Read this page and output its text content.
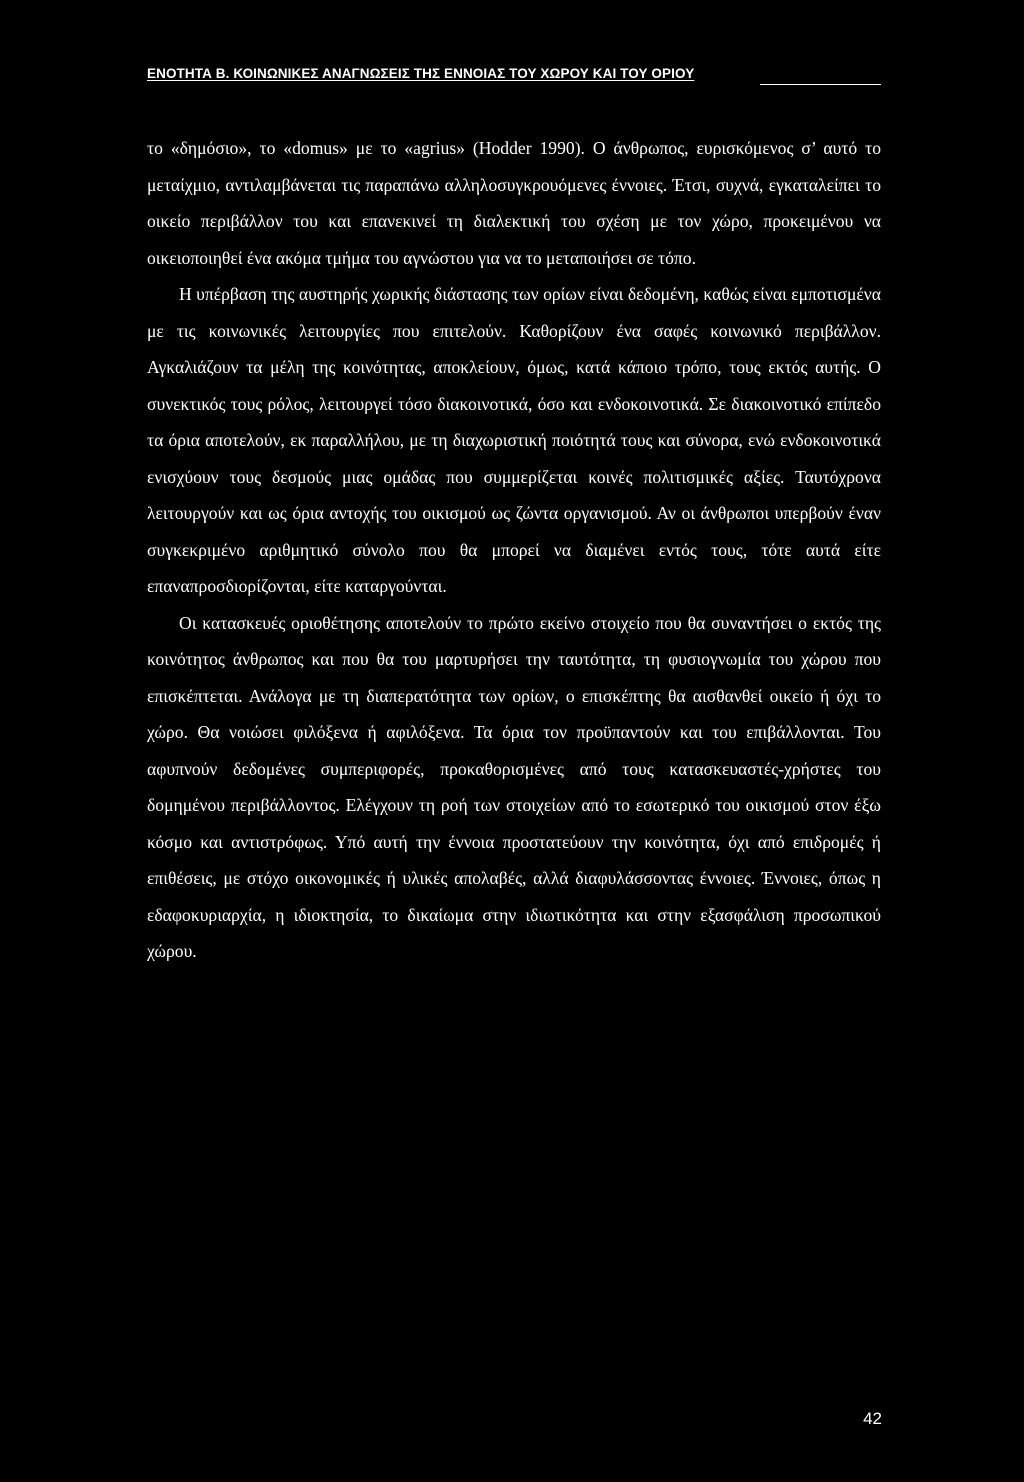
ΕΝΟΤΗΤΑ Β. ΚΟΙΝΩΝΙΚΕΣ ΑΝΑΓΝΩΣΕΙΣ ΤΗΣ ΕΝΝΟΙΑΣ ΤΟΥ ΧΩΡΟΥ ΚΑΙ ΤΟΥ ΟΡΙΟΥ

το «δημόσιο», το «domus» με το «agrius» (Hodder 1990). Ο άνθρωπος, ευρισκόμενος σ’ αυτό το μεταίχμιο, αντιλαμβάνεται τις παραπάνω αλληλοσυγκρουόμενες έννοιες. Έτσι, συχνά, εγκαταλείπει το οικείο περιβάλλον του και επανεκινεί τη διαλεκτική του σχέση με τον χώρο, προκειμένου να οικειοποιηθεί ένα ακόμα τμήμα του αγνώστου για να το μεταποιήσει σε τόπο.

Η υπέρβαση της αυστηρής χωρικής διάστασης των ορίων είναι δεδομένη, καθώς είναι εμποτισμένα με τις κοινωνικές λειτουργίες που επιτελούν. Καθορίζουν ένα σαφές κοινωνικό περιβάλλον. Αγκαλιάζουν τα μέλη της κοινότητας, αποκλείουν, όμως, κατά κάποιο τρόπο, τους εκτός αυτής. Ο συνεκτικός τους ρόλος, λειτουργεί τόσο διακοινοτικά, όσο και ενδοκοινοτικά. Σε διακοινοτικό επίπεδο τα όρια αποτελούν, εκ παραλλήλου, με τη διαχωριστική ποιότητά τους και σύνορα, ενώ ενδοκοινοτικά ενισχύουν τους δεσμούς μιας ομάδας που συμμερίζεται κοινές πολιτισμικές αξίες. Ταυτόχρονα λειτουργούν και ως όρια αντοχής του οικισμού ως ζώντα οργανισμού. Αν οι άνθρωποι υπερβούν έναν συγκεκριμένο αριθμητικό σύνολο που θα μπορεί να διαμένει εντός τους, τότε αυτά είτε επαναπροσδιορίζονται, είτε καταργούνται.

Οι κατασκευές οριοθέτησης αποτελούν το πρώτο εκείνο στοιχείο που θα συναντήσει ο εκτός της κοινότητος άνθρωπος και που θα του μαρτυρήσει την ταυτότητα, τη φυσιογνωμία του χώρου που επισκέπτεται. Ανάλογα με τη διαπερατότητα των ορίων, ο επισκέπτης θα αισθανθεί οικείο ή όχι το χώρο. Θα νοιώσει φιλόξενα ή αφιλόξενα. Τα όρια τον προϋπαντούν και του επιβάλλονται. Του αφυπνούν δεδομένες συμπεριφορές, προκαθορισμένες από τους κατασκευαστές-χρήστες του δομημένου περιβάλλοντος. Ελέγχουν τη ροή των στοιχείων από το εσωτερικό του οικισμού στον έξω κόσμο και αντιστρόφως. Υπό αυτή την έννοια προστατεύουν την κοινότητα, όχι από επιδρομές ή επιθέσεις, με στόχο οικονομικές ή υλικές απολαβές, αλλά διαφυλάσσοντας έννοιες. Έννοιες, όπως η εδαφοκυριαρχία, η ιδιοκτησία, το δικαίωμα στην ιδιωτικότητα και στην εξασφάλιση προσωπικού χώρου.

42
